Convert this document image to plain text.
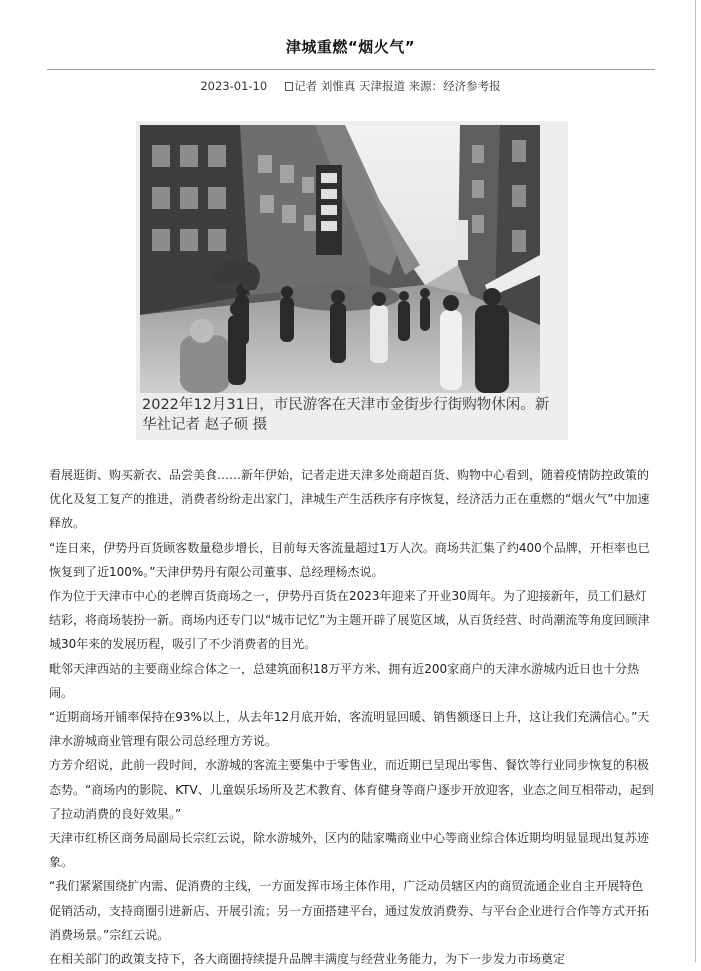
津城重燃“烟火气”
2023-01-10 记者 刘惟真 天津报道 来源：经济参考报
2022年12月31日，市民游客在天津市金街步行街购物休闲。新华社记者 赵子硕 摄

看展逛街、购买新衣、品尝美食……新年伊始，记者走进天津多处商超百货、购物中心看到，随着疫情防控政策的优化及复工复产的推进，消费者纷纷走出家门，津城生产生活秩序有序恢复，经济活力正在重燃的“烟火气”中加速释放。

“连日来，伊势丹百货顾客数量稳步增长，目前每天客流量超过1万人次。商场共汇集了约400个品牌，开柜率也已恢复到了近100%。”天津伊势丹有限公司董事、总经理杨杰说。

作为位于天津市中心的老牌百货商场之一，伊势丹百货在2023年迎来了开业30周年。为了迎接新年，员工们悬灯结彩，将商场装扮一新。商场内还专门以“城市记忆”为主题开辟了展览区域，从百货经营、时尚潮流等角度回顾津城30年来的发展历程，吸引了不少消费者的目光。

毗邻天津西站的主要商业综合体之一，总建筑面积18万平方米、拥有近200家商户的天津水游城内近日也十分热闹。

“近期商场开铺率保持在93%以上，从去年12月底开始，客流明显回暖、销售额逐日上升，这让我们充满信心。”天津水游城商业管理有限公司总经理方芳说。

方芳介绍说，此前一段时间，水游城的客流主要集中于零售业，而近期已呈现出零售、餐饮等行业同步恢复的积极态势。“商场内的影院、KTV、儿童娱乐场所及艺术教育、体育健身等商户逐步开放迎客，业态之间互相带动，起到了拉动消费的良好效果。”

天津市红桥区商务局副局长宗红云说，除水游城外，区内的陆家嘴商业中心等商业综合体近期均明显显现出复苏迹象。

“我们紧紧围绕扩内需、促消费的主线，一方面发挥市场主体作用，广泛动员辖区内的商贸流通企业自主开展特色促销活动，支持商圈引进新店、开展引流；另一方面搭建平台，通过发放消费券、与平台企业进行合作等方式开拓消费场景。”宗红云说。

在相关部门的政策支持下，各大商圈持续提升品牌丰满度与经营业务能力，为下一步发力市场奠定
